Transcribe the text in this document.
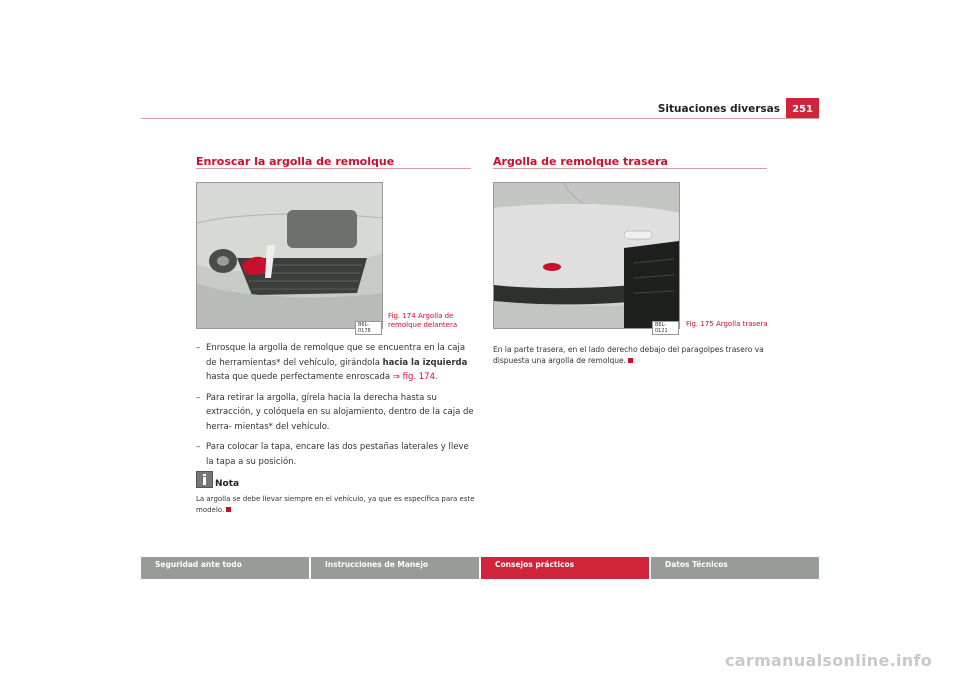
Situaciones diversas	251
Enroscar la argolla de remolque
B6L-0178
Fig. 174 Argolla de
remolque delantera
– Enrosque la argolla de remolque que se encuentra en la caja de herramientas* del vehículo, girándola hacia la izquierda hasta que quede perfectamente enroscada ⇒ fig. 174.
– Para retirar la argolla, gírela hacia la derecha hasta su extracción, y colóquela en su alojamiento, dentro de la caja de herra- mientas* del vehículo.
– Para colocar la tapa, encare las dos pestañas laterales y lleve la tapa a su posición.
Nota
La argolla se debe llevar siempre en el vehículo, ya que es específica para este modelo.
Argolla de remolque trasera
B6L-0121
Fig. 175 Argolla trasera
En la parte trasera, en el lado derecho debajo del paragolpes trasero va dispuesta una argolla de remolque.
Seguridad ante todo	Instrucciones de Manejo	Consejos prácticos	Datos Técnicos
carmanualsonline.info
